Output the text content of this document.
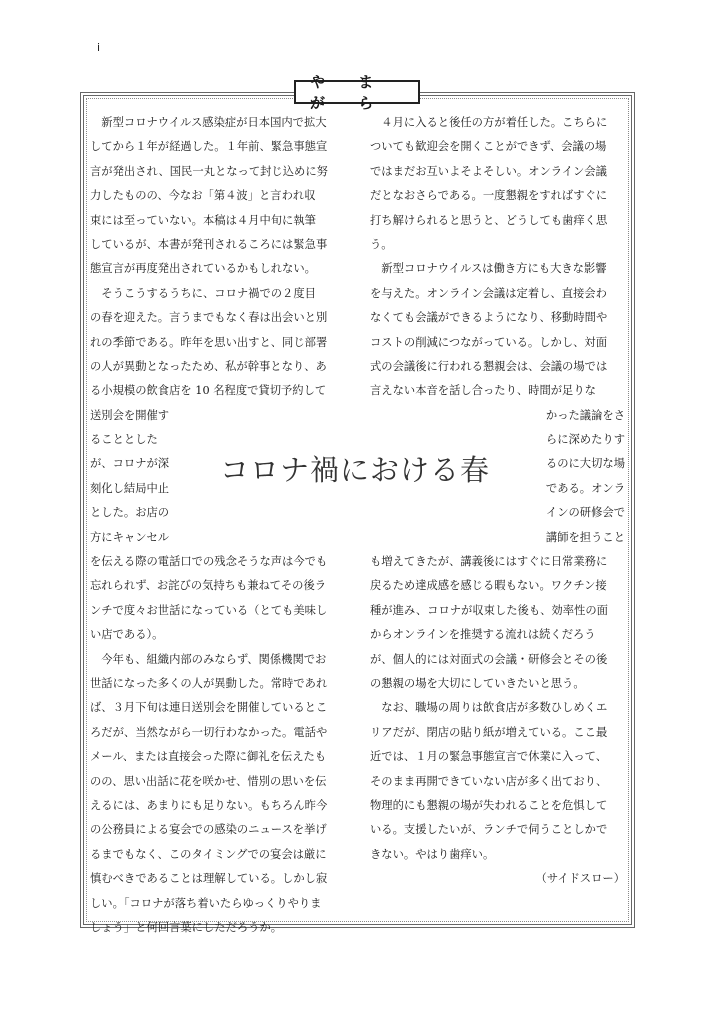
i
や ま が ら
　新型コロナウイルス感染症が日本国内で拡大
してから１年が経過した。１年前、緊急事態宣
言が発出され、国民一丸となって封じ込めに努
力したものの、今なお「第４波」と言われ収
束には至っていない。本稿は４月中旬に執筆
しているが、本書が発刊されるころには緊急事
態宣言が再度発出されているかもしれない。
　そうこうするうちに、コロナ禍での２度目
の春を迎えた。言うまでもなく春は出会いと別
れの季節である。昨年を思い出すと、同じ部署
の人が異動となったため、私が幹事となり、あ
る小規模の飲食店を 10 名程度で貸切予約して
送別会を開催す
ることとした
が、コロナが深
刻化し結局中止
とした。お店の
方にキャンセル
を伝える際の電話口での残念そうな声は今でも
忘れられず、お詫びの気持ちも兼ねてその後ラ
ンチで度々お世話になっている（とても美味し
い店である）。
　今年も、組織内部のみならず、関係機関でお
世話になった多くの人が異動した。常時であれ
ば、３月下旬は連日送別会を開催しているとこ
ろだが、当然ながら一切行わなかった。電話や
メール、または直接会った際に御礼を伝えたも
のの、思い出話に花を咲かせ、惜別の思いを伝
えるには、あまりにも足りない。もちろん昨今
の公務員による宴会での感染のニュースを挙げ
るまでもなく、このタイミングでの宴会は厳に
慎むべきであることは理解している。しかし寂
しい。「コロナが落ち着いたらゆっくりやりま
しょう」と何回言葉にしただろうか。
　４月に入ると後任の方が着任した。こちらに
ついても歓迎会を開くことができず、会議の場
ではまだお互いよそよそしい。オンライン会議
だとなおさらである。一度懇親をすればすぐに
打ち解けられると思うと、どうしても歯痒く思
う。
　新型コロナウイルスは働き方にも大きな影響
を与えた。オンライン会議は定着し、直接会わ
なくても会議ができるようになり、移動時間や
コストの削減につながっている。しかし、対面
式の会議後に行われる懇親会は、会議の場では
言えない本音を話し合ったり、時間が足りな
かった議論をさ
らに深めたりす
るのに大切な場
である。オンラ
インの研修会で
講師を担うこと
も増えてきたが、講義後にはすぐに日常業務に
戻るため達成感を感じる暇もない。ワクチン接
種が進み、コロナが収束した後も、効率性の面
からオンラインを推奨する流れは続くだろう
が、個人的には対面式の会議・研修会とその後
の懇親の場を大切にしていきたいと思う。
　なお、職場の周りは飲食店が多数ひしめくエ
リアだが、閉店の貼り紙が増えている。ここ最
近では、１月の緊急事態宣言で休業に入って、
そのまま再開できていない店が多く出ており、
物理的にも懇親の場が失われることを危惧して
いる。支援したいが、ランチで伺うことしかで
きない。やはり歯痒い。
（サイドスロー）
コロナ禍における春
